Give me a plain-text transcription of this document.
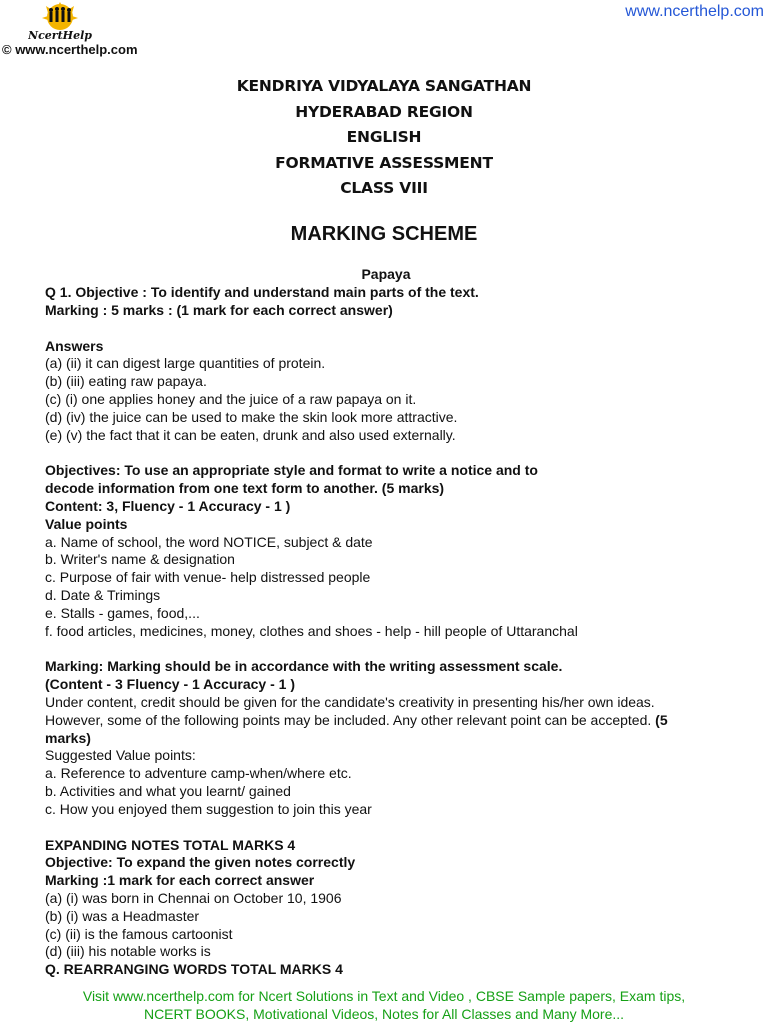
NcertHelp
© www.ncerthelp.com
www.ncerthelp.com
KENDRIYA VIDYALAYA SANGATHAN
HYDERABAD REGION
ENGLISH
FORMATIVE ASSESSMENT
CLASS VIII
MARKING SCHEME
Papaya
Q 1. Objective : To identify and understand main parts of the text.
Marking : 5 marks : (1 mark for each correct answer)
Answers
(a) (ii) it can digest large quantities of protein.
(b) (iii) eating raw papaya.
(c) (i) one applies honey and the juice of a raw papaya on it.
(d) (iv) the juice can be used to make the skin look more attractive.
(e) (v) the fact that it can be eaten, drunk and also used externally.
Objectives: To use an appropriate style and format to write a notice and to
decode information from one text form to another. (5 marks)
Content: 3, Fluency - 1 Accuracy - 1 )
Value points
a. Name of school, the word NOTICE, subject & date
b. Writer's name & designation
c. Purpose of fair with venue- help distressed people
d. Date & Trimings
e. Stalls - games, food,...
f. food articles, medicines, money, clothes and shoes - help - hill people of Uttaranchal
Marking: Marking should be in accordance with the writing assessment scale.
(Content - 3 Fluency - 1 Accuracy - 1 )
Under content, credit should be given for the candidate's creativity in presenting his/her own ideas.
However, some of the following points may be included. Any other relevant point can be accepted. (5
marks)
Suggested Value points:
a. Reference to adventure camp-when/where etc.
b. Activities and what you learnt/ gained
c. How you enjoyed them suggestion to join this year
EXPANDING NOTES TOTAL MARKS 4
Objective: To expand the given notes correctly
Marking :1 mark for each correct answer
(a) (i) was born in Chennai on October 10, 1906
(b) (i) was a Headmaster
(c) (ii) is the famous cartoonist
(d) (iii) his notable works is
Q. REARRANGING WORDS TOTAL MARKS 4
Visit www.ncerthelp.com for Ncert Solutions in Text and Video , CBSE Sample papers, Exam tips,
NCERT BOOKS, Motivational Videos, Notes for All Classes and Many More...
